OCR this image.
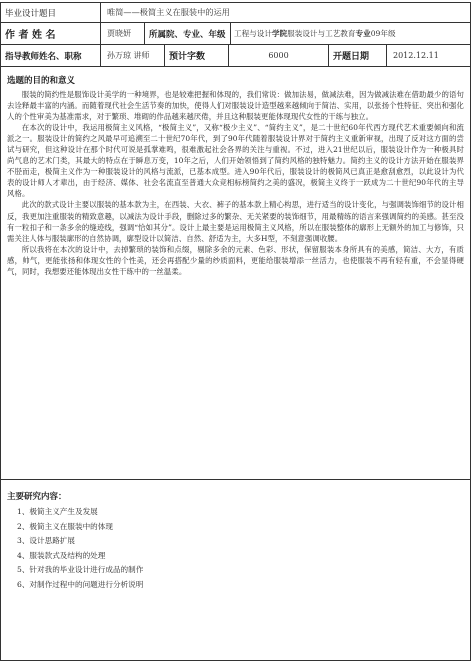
毕业设计题目	唯简——极简主义在服装中的运用
作 者 姓 名	贾晓妍	所属院、专业、年级	工程与设计 学院 服装设计与工艺教育 专业 09年级
指导教师姓名、职称	孙万琼 讲师	预计字数	6000	开题日期	2012.12.11
选题的目的和意义

服装的简约性是服饰设计美学的一种境界，也是较难把握和体现的，我们常说：做加法易，做减法难，因为做减法难在借助最少的语句去诠释最丰富的内涵。而随着现代社会生活节奏的加快，使得人们对服装设计造型越来越倾向于简洁、实用，以张扬个性特征、突出和强化人的个性审美为基准需求，对于繁琐、堆砌的作品越来越厌倦，并且这种服装更能体现现代女性的干练与独立。

在本次的设计中，我运用极简主义风格，“极简主义”，又称“极少主义”、“简约主义”，是二十世纪60年代西方现代艺术重要倾向和流派之一。服装设计的简约之风最早可追溯至二十世纪70年代，到了90年代随着服装设计界对于简约主义重新审视，出现了反对这方面的尝试与研究，但这种设计在那个时代可说是孤掌难鸣，很难激起社会各界的关注与重视。不过，进入21世纪以后，服装设计作为一种极具时尚气息的艺术门类，其最大的特点在于瞬息万变，10年之后，人们开始领悟到了简约风格的独特魅力。简约主义的设计方法开始在服装界不胫而走，极简主义作为一种服装设计的风格与流派，已基本成型。进入90年代后，服装设计的极简风已真正是愈刮愈烈，以此设计为代表的设计师人才辈出，由于经济、媒体、社会名流直至普通大众竞相标榜简约之美的盛况，极简主义终于一跃成为二十世纪90年代的主导风格。

此次的款式设计主要以服装的基本款为主，在西装、大衣、裤子的基本款上精心构思，进行适当的设计变化，与强调装饰细节的设计相反，我更加注重服装的精致意趣，以减法为设计手段，删除过多的繁杂、无关紧要的装饰细节，用最精练的语言来强调简约的美感。甚至没有一粒扣子和一条多余的缝迹线，强调“恰如其分”。设计上最主要是运用极简主义风格，所以在服装整体的廓形上无额外的加工与修饰，只需关注人体与服装廓形的自然协调，廓型设计以简洁、自然、舒适为主，大多H型，不刻意强调收腰。

所以我将在本次的设计中，去掉繁琐的装饰和点缀，剔除多余的元素、色彩、形状，保留服装本身所具有的美感，简洁、大方，有质感，帅气，更能张扬和体现女性的个性美，还会再搭配少量的纱质面料，更能给服装增添一丝活力，也使服装不再有轻有重，不会显得硬气，同时，我想要还能体现出女性干练中的一丝温柔。

主要研究内容：
1、极简主义产生及发展
2、极简主义在服装中的体现
3、设计思路扩展
4、服装款式及结构的处理
5、针对我的毕业设计进行成品的制作
6、对制作过程中的问题进行分析说明
